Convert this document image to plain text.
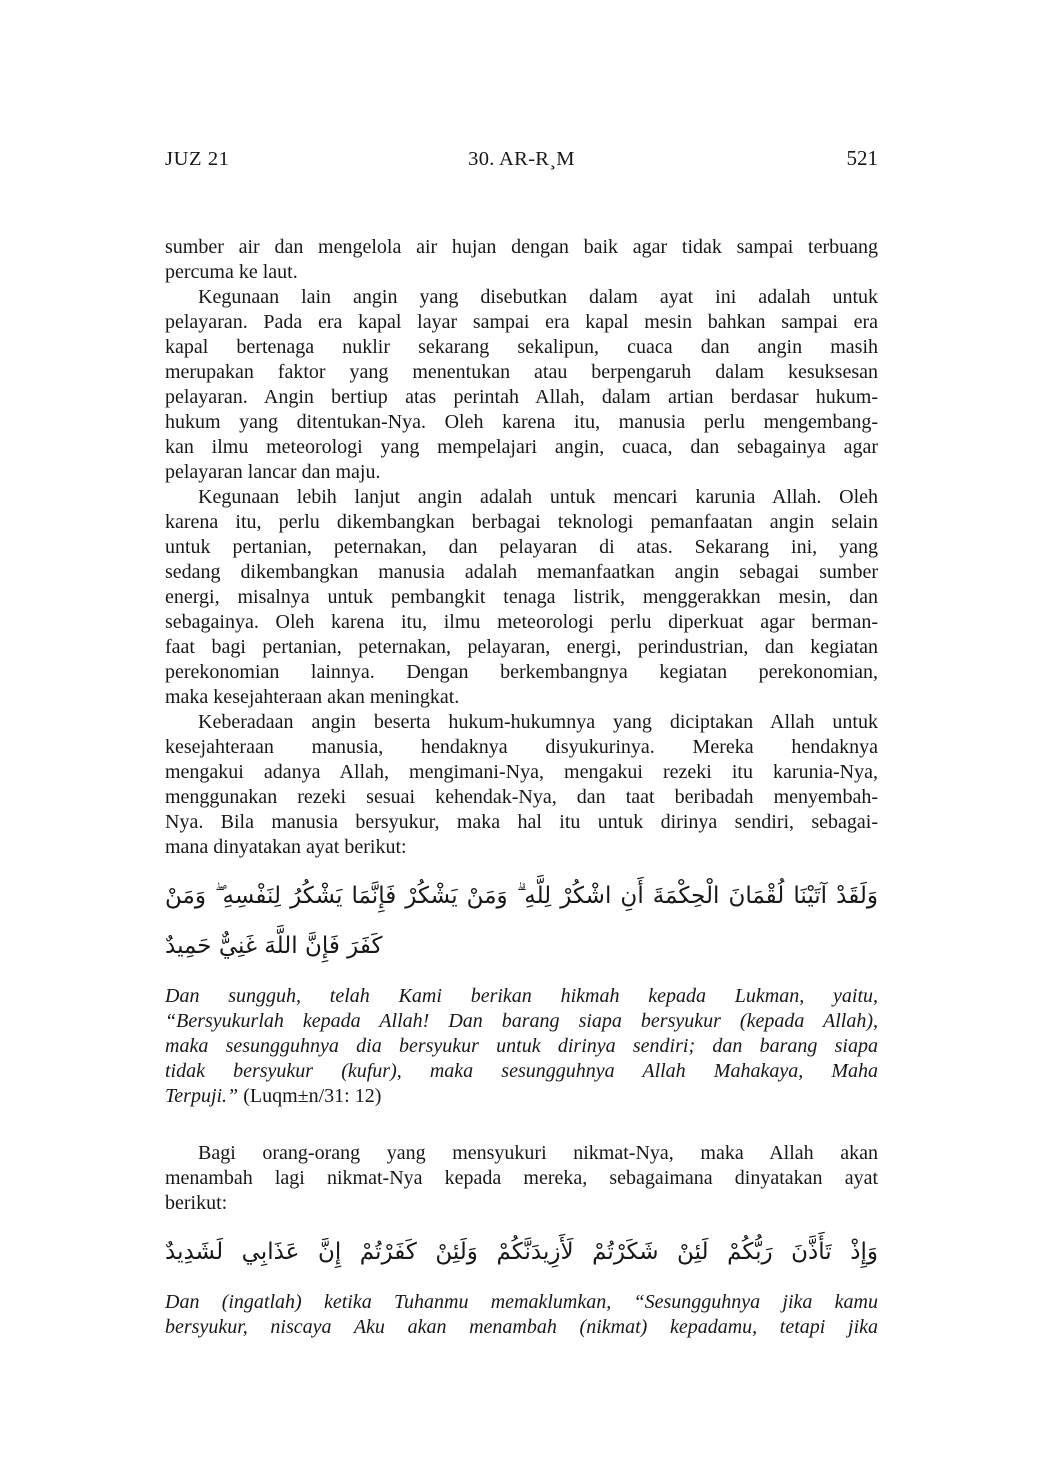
JUZ 21	30. AR-R¸M	521
sumber air dan mengelola air hujan dengan baik agar tidak sampai terbuang
percuma ke laut.
Kegunaan lain angin yang disebutkan dalam ayat ini adalah untuk
pelayaran. Pada era kapal layar sampai era kapal mesin bahkan sampai era
kapal bertenaga nuklir sekarang sekalipun, cuaca dan angin masih
merupakan faktor yang menentukan atau berpengaruh dalam kesuksesan
pelayaran. Angin bertiup atas perintah Allah, dalam artian berdasar hukum-
hukum yang ditentukan-Nya. Oleh karena itu, manusia perlu mengembang-
kan ilmu meteorologi yang mempelajari angin, cuaca, dan sebagainya agar
pelayaran lancar dan maju.
Kegunaan lebih lanjut angin adalah untuk mencari karunia Allah. Oleh
karena itu, perlu dikembangkan berbagai teknologi pemanfaatan angin selain
untuk pertanian, peternakan, dan pelayaran di atas. Sekarang ini, yang
sedang dikembangkan manusia adalah memanfaatkan angin sebagai sumber
energi, misalnya untuk pembangkit tenaga listrik, menggerakkan mesin, dan
sebagainya. Oleh karena itu, ilmu meteorologi perlu diperkuat agar berman-
faat bagi pertanian, peternakan, pelayaran, energi, perindustrian, dan kegiatan
perekonomian lainnya. Dengan berkembangnya kegiatan perekonomian,
maka kesejahteraan akan meningkat.
Keberadaan angin beserta hukum-hukumnya yang diciptakan Allah untuk
kesejahteraan manusia, hendaknya disyukurinya. Mereka hendaknya
mengakui adanya Allah, mengimani-Nya, mengakui rezeki itu karunia-Nya,
menggunakan rezeki sesuai kehendak-Nya, dan taat beribadah menyembah-
Nya. Bila manusia bersyukur, maka hal itu untuk dirinya sendiri, sebagai-
mana dinyatakan ayat berikut:
وَلَقَدْ آتَيْنَا لُقْمَانَ الْحِكْمَةَ أَنِ اشْكُرْ لِلَّهِ ۗ وَمَنْ يَشْكُرْ فَإِنَّمَا يَشْكُرُ لِنَفْسِهِ ۖ وَمَنْ كَفَرَ فَإِنَّ اللَّهَ غَنِيٌّ حَمِيدٌ
Dan sungguh, telah Kami berikan hikmah kepada Lukman, yaitu,
“Bersyukurlah kepada Allah! Dan barang siapa bersyukur (kepada Allah),
maka sesungguhnya dia bersyukur untuk dirinya sendiri; dan barang siapa
tidak bersyukur (kufur), maka sesungguhnya Allah Mahakaya, Maha
Terpuji.” (Luqm±n/31: 12)
Bagi orang-orang yang mensyukuri nikmat-Nya, maka Allah akan
menambah lagi nikmat-Nya kepada mereka, sebagaimana dinyatakan ayat
berikut:
وَإِذْ تَأَذَّنَ رَبُّكُمْ لَئِنْ شَكَرْتُمْ لَأَزِيدَنَّكُمْ وَلَئِنْ كَفَرْتُمْ إِنَّ عَذَابِي لَشَدِيدٌ
Dan (ingatlah) ketika Tuhanmu memaklumkan, “Sesungguhnya jika kamu
bersyukur, niscaya Aku akan menambah (nikmat) kepadamu, tetapi jika
